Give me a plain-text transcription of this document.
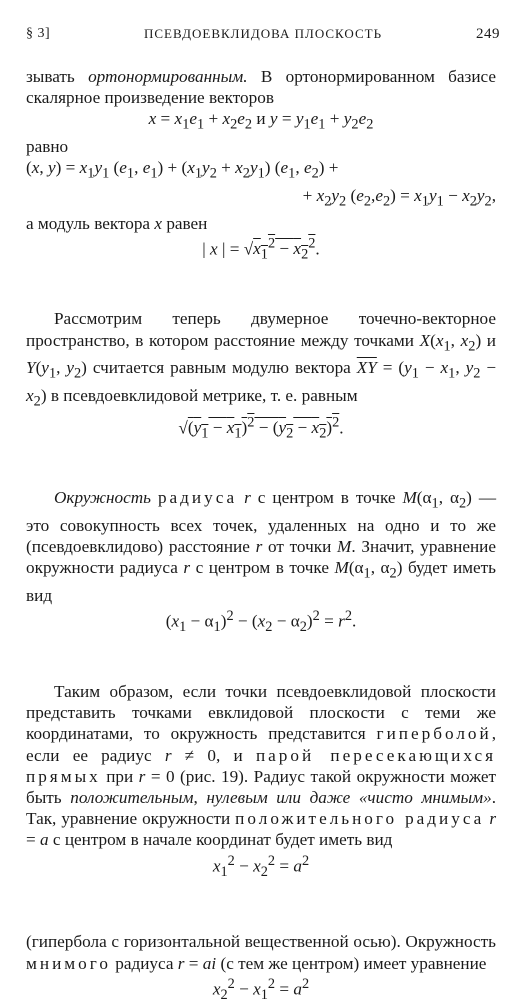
§ 3]	ПСЕВДОЕВКЛИДОВА ПЛОСКОСТЬ	249

зывать ортонормированным. В ортонормированном базисе скалярное произведение векторов

$x = x_1e_1 + x_2e_2$ и $y = y_1e_1 + y_2e_2$

равно

(x, $y) = x_1y_1$ ($e_1$, $e_1) + (x_1y_2 + x_2y_1)$ ($e_1$, $e_2$) +

+ $x_2y_2$ $(e_2,e_2) = x_1y_1 - x_2y_2$,

а модуль вектора x равен

| x | = $√x_1^2 - x_2^2$.

Рассмотрим теперь двумерное точечно-векторное пространство, в котором расстояние между точками $X(x_1$, $x_2$) и $Y(y_1$, $y_2$) считается равным модулю вектора $\overline{XY} = (y_1 - x_1$, $y_2 - x_2$) в псевдоевклидовой метрике, т. е. равным

$√(y_1 - x_1)^2 - (y_2 - x_2)^2$.

Окружность радиуса r с центром в точке $M(\alpha_1$, $\alpha_2$) — это совокупность всех точек, удаленных на одно и то же (псевдоевклидово) расстояние r от точки M. Значит, уравнение окружности радиуса r с центром в точке $M(\alpha_1$, $\alpha_2$) будет иметь вид

$(x_1 - \alpha_1)^2 - (x_2 - \alpha_2)^2 = r^2$.

Таким образом, если точки псевдоевклидовой плоскости представить точками евклидовой плоскости с теми же координатами, то окружность представится гиперболой, если ее радиус r ≠ 0, и парой пересекающихся прямых при r = 0 (рис. 19). Радиус такой окружности может быть положительным, нулевым или даже «чисто мнимым». Так, уравнение окружности положительного радиуса r = a с центром в начале координат будет иметь вид

$x_1^2 - x_2^2 = a^2$

(гипербола с горизонтальной вещественной осью). Окружность мнимого радиуса r = ai (с тем же центром) имеет уравнение

$x_2^2 - x_1^2 = a^2$
